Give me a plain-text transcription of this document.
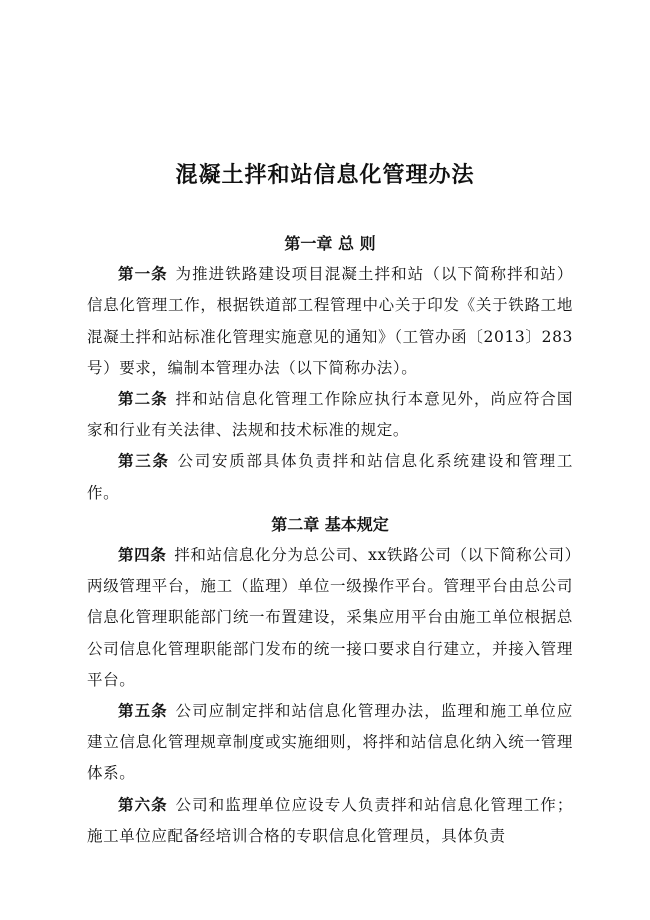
混凝土拌和站信息化管理办法
第一章 总 则

第一条 为推进铁路建设项目混凝土拌和站（以下简称拌和站）信息化管理工作，根据铁道部工程管理中心关于印发《关于铁路工地混凝土拌和站标准化管理实施意见的通知》（工管办函〔2013〕283号）要求，编制本管理办法（以下简称办法）。

第二条 拌和站信息化管理工作除应执行本意见外，尚应符合国家和行业有关法律、法规和技术标准的规定。

第三条 公司安质部具体负责拌和站信息化系统建设和管理工作。

第二章 基本规定

第四条 拌和站信息化分为总公司、xx铁路公司（以下简称公司）两级管理平台，施工（监理）单位一级操作平台。管理平台由总公司信息化管理职能部门统一布置建设，采集应用平台由施工单位根据总公司信息化管理职能部门发布的统一接口要求自行建立，并接入管理平台。

第五条 公司应制定拌和站信息化管理办法，监理和施工单位应建立信息化管理规章制度或实施细则，将拌和站信息化纳入统一管理体系。

第六条 公司和监理单位应设专人负责拌和站信息化管理工作；施工单位应配备经培训合格的专职信息化管理员，具体负责
